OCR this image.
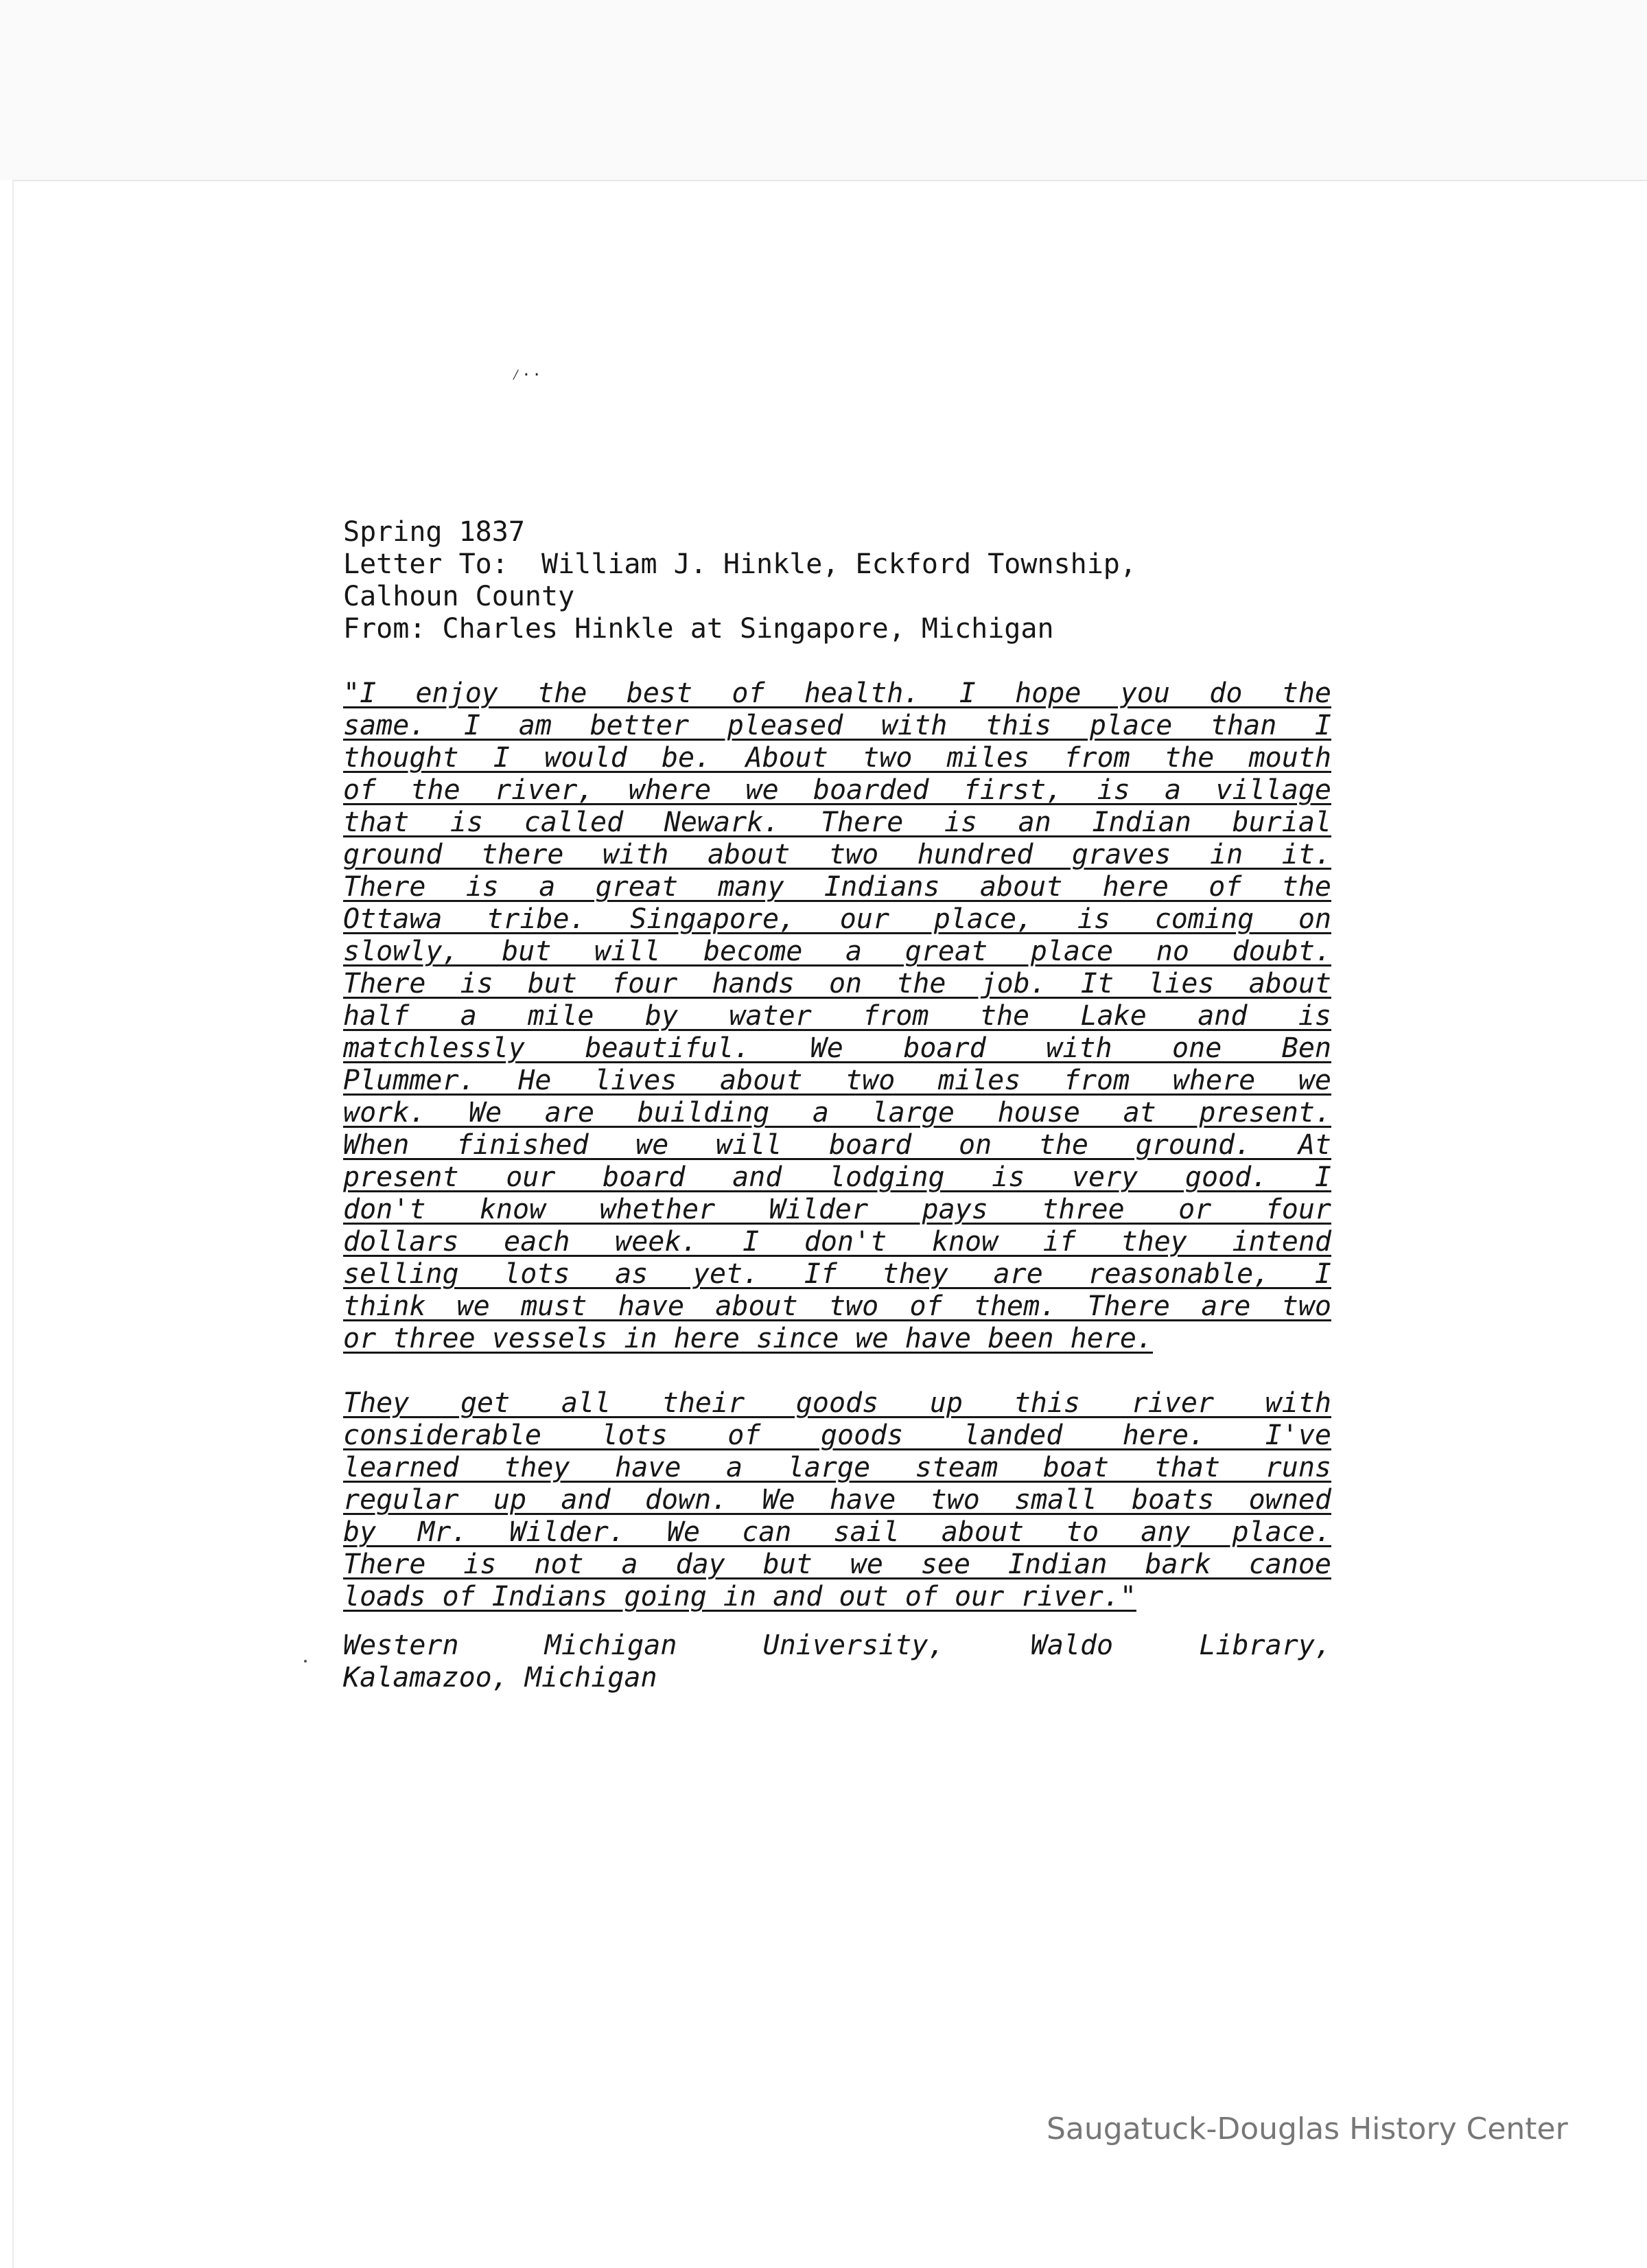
⁄··
Spring 1837
Letter To:  William J. Hinkle, Eckford Township,
Calhoun County
From: Charles Hinkle at Singapore, Michigan
"I enjoy the best of health. I hope you do the
same. I am better pleased with this place than I
thought I would be. About two miles from the mouth
of the river, where we boarded first, is a village
that is called Newark. There is an Indian burial
ground there with about two hundred graves in it.
There is a great many Indians about here of the
Ottawa tribe. Singapore, our place, is coming on
slowly, but will become a great place no doubt.
There is but four hands on the job. It lies about
half a mile by water from the Lake and is
matchlessly beautiful. We board with one Ben
Plummer. He lives about two miles from where we
work. We are building a large house at present.
When finished we will board on the ground. At
present our board and lodging is very good. I
don't know whether Wilder pays three or four
dollars each week. I don't know if they intend
selling lots as yet. If they are reasonable, I
think we must have about two of them. There are two
or three vessels in here since we have been here.
They get all their goods up this river with
considerable lots of goods landed here. I've
learned they have a large steam boat that runs
regular up and down. We have two small boats owned
by Mr. Wilder. We can sail about to any place.
There is not a day but we see Indian bark canoe
loads of Indians going in and out of our river."
Western Michigan University, Waldo Library,
Kalamazoo, Michigan
Saugatuck-Douglas History Center
